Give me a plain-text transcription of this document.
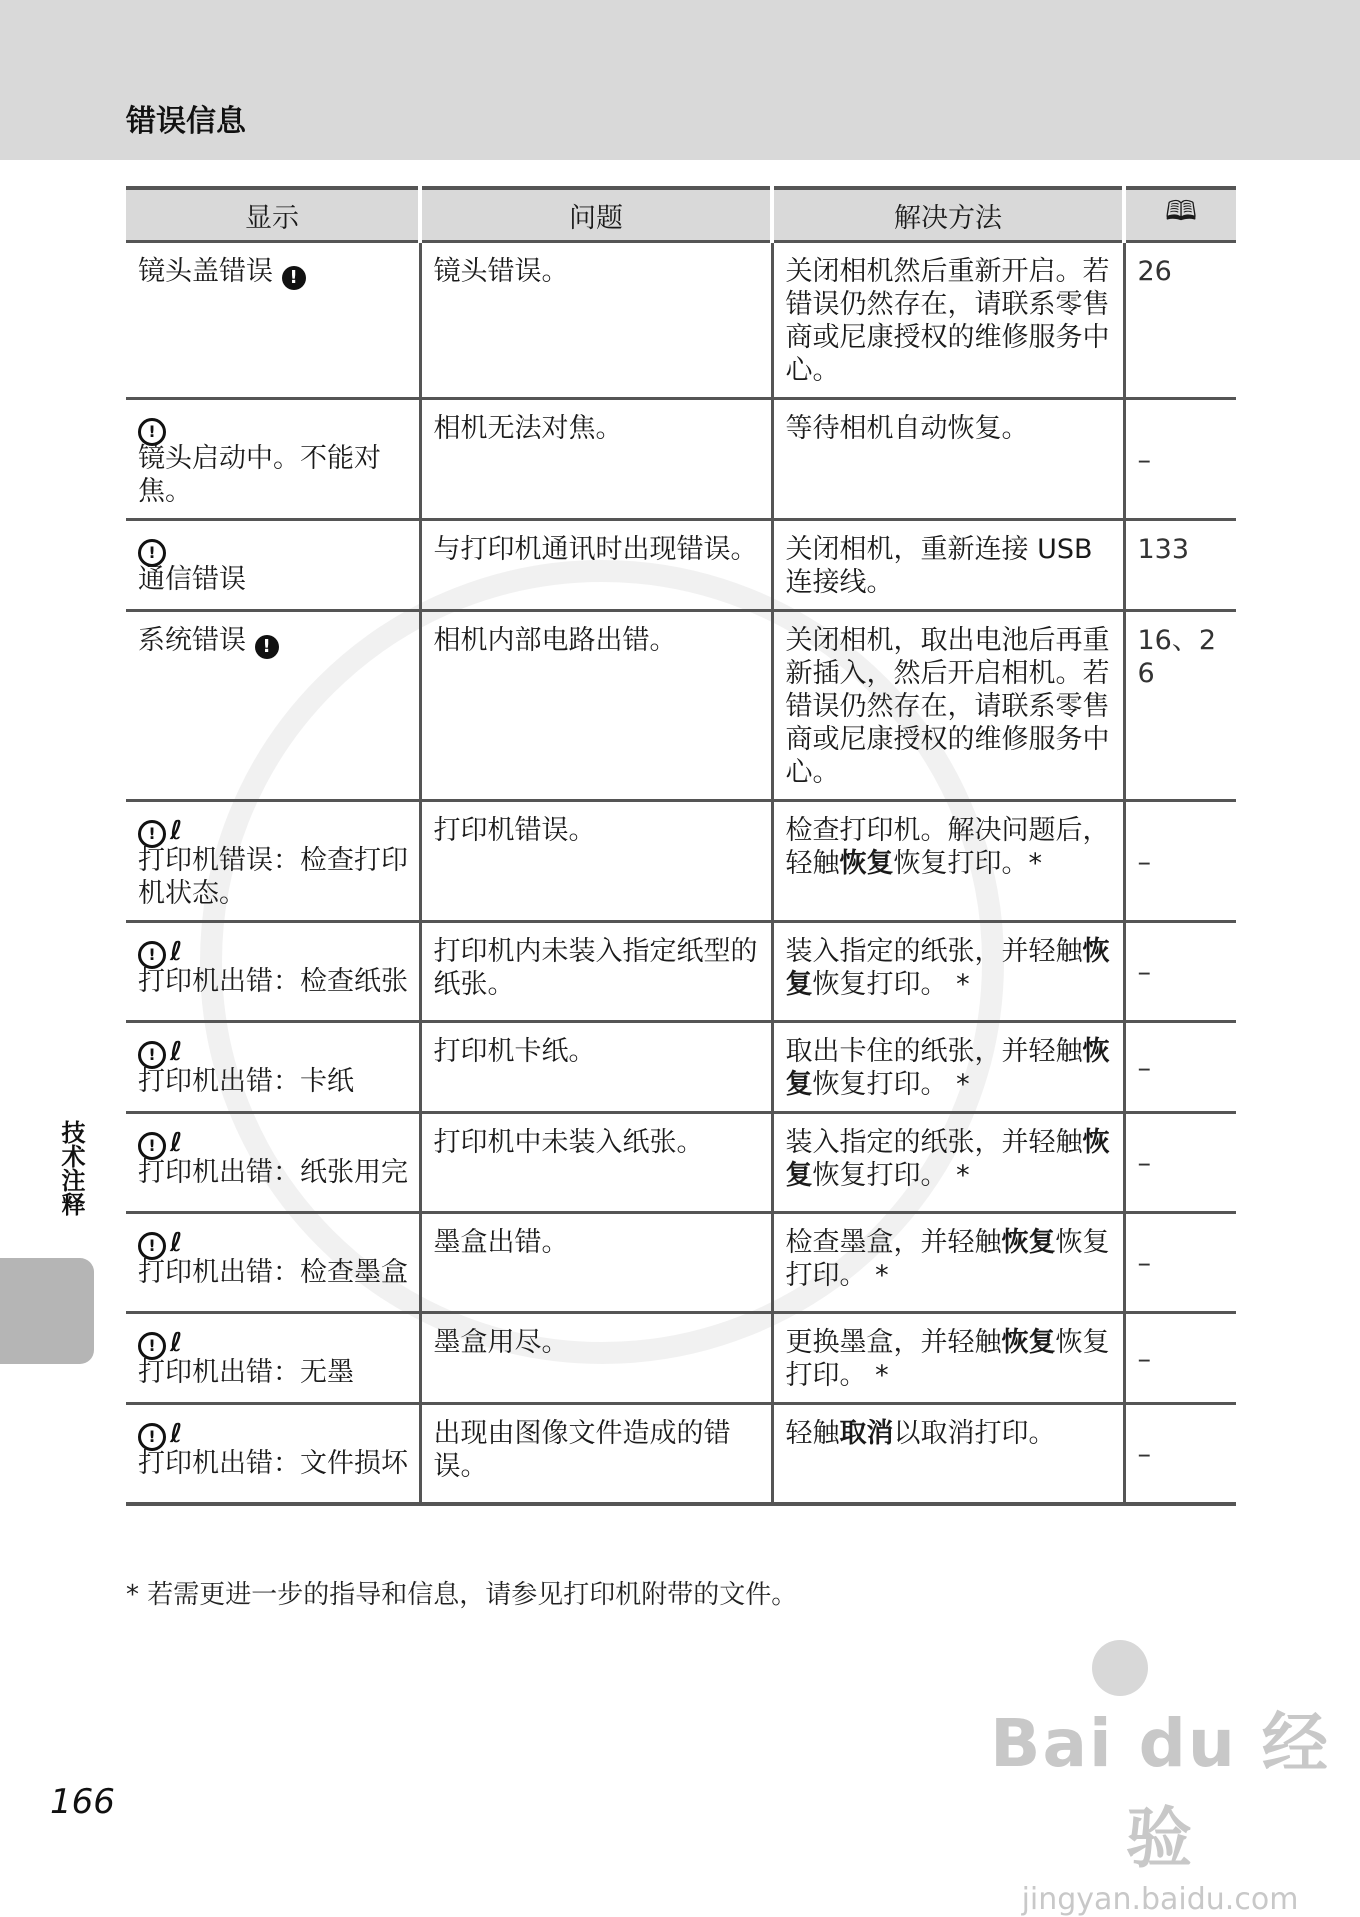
错误信息
显示	问题	解决方法	🕮
镜头盖错误 !	镜头错误。	关闭相机然后重新开启。若错误仍然存在，请联系零售商或尼康授权的维修服务中心。	26

!
镜头启动中。不能对焦。	相机无法对焦。	等待相机自动恢复。	–

!
通信错误	与打印机通讯时出现错误。	关闭相机，重新连接 USB 连接线。	133
系统错误 !	相机内部电路出错。	关闭相机，取出电池后再重新插入，然后开启相机。若错误仍然存在，请联系零售商或尼康授权的维修服务中心。	16、26

! ℓ
打印机错误：检查打印机状态。	打印机错误。	检查打印机。解决问题后，轻触恢复恢复打印。*	–

! ℓ
打印机出错：检查纸张	打印机内未装入指定纸型的纸张。	装入指定的纸张，并轻触恢复恢复打印。 *	–

! ℓ
打印机出错：卡纸	打印机卡纸。	取出卡住的纸张，并轻触恢复恢复打印。 *	–

! ℓ
打印机出错：纸张用完	打印机中未装入纸张。	装入指定的纸张，并轻触恢复恢复打印。 *	–

! ℓ
打印机出错：检查墨盒	墨盒出错。	检查墨盒，并轻触恢复恢复打印。 *	–

! ℓ
打印机出错：无墨	墨盒用尽。	更换墨盒，并轻触恢复恢复打印。 *	–

! ℓ
打印机出错：文件损坏	出现由图像文件造成的错误。	轻触取消以取消打印。	–
* 若需更进一步的指导和信息，请参见打印机附带的文件。
技术注释
166
Bai du 经验
jingyan.baidu.com
